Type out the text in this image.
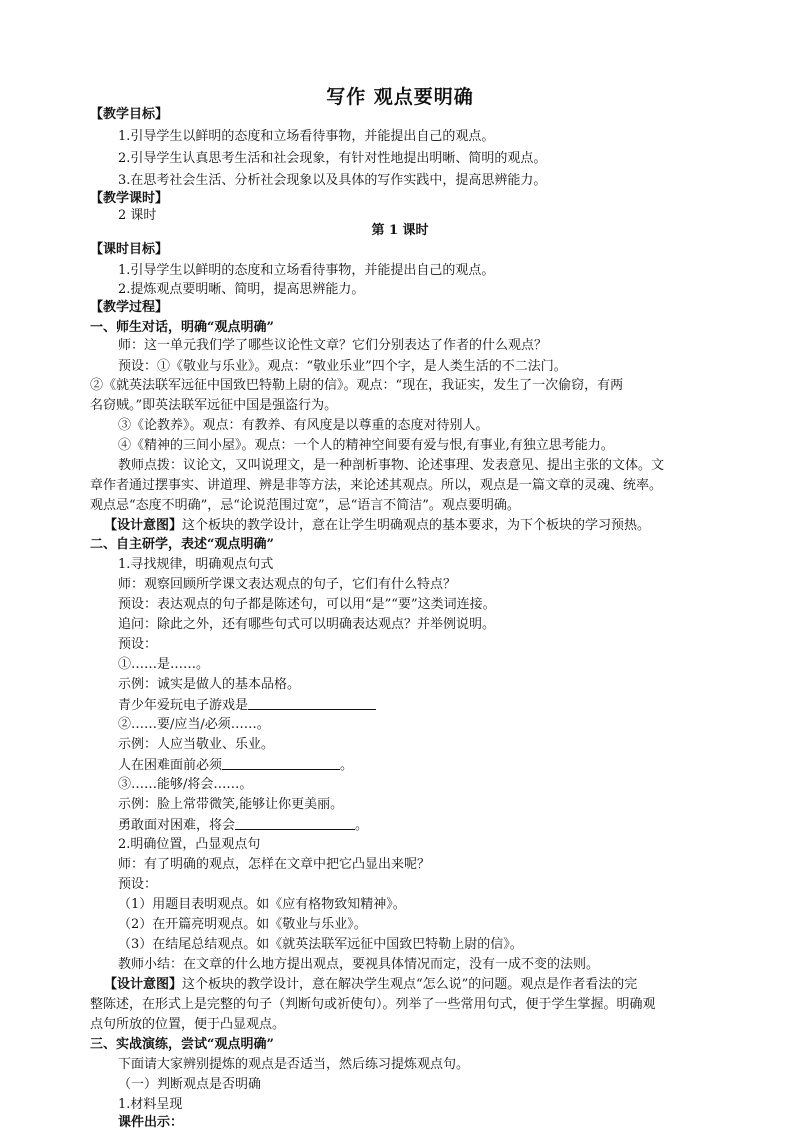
写作 观点要明确
【教学目标】
1.引导学生以鲜明的态度和立场看待事物，并能提出自己的观点。
2.引导学生认真思考生活和社会现象，有针对性地提出明晰、简明的观点。
3.在思考社会生活、分析社会现象以及具体的写作实践中，提高思辨能力。
【教学课时】
2 课时
第 1 课时
【课时目标】
1.引导学生以鲜明的态度和立场看待事物，并能提出自己的观点。
2.提炼观点要明晰、简明，提高思辨能力。
【教学过程】
一、师生对话，明确“观点明确”
师：这一单元我们学了哪些议论性文章？它们分别表达了作者的什么观点？
预设：①《敬业与乐业》。观点：“敬业乐业”四个字，是人类生活的不二法门。
②《就英法联军远征中国致巴特勒上尉的信》。观点：“现在，我证实，发生了一次偷窃，有两
名窃贼。”即英法联军远征中国是强盗行为。
③《论教养》。观点：有教养、有风度是以尊重的态度对待别人。
④《精神的三间小屋》。观点：一个人的精神空间要有爱与恨,有事业,有独立思考能力。
教师点拨：议论文，又叫说理文，是一种剖析事物、论述事理、发表意见、提出主张的文体。文
章作者通过摆事实、讲道理、辨是非等方法，来论述其观点。所以，观点是一篇文章的灵魂、统率。
观点忌“态度不明确”，忌“论说范围过宽”，忌“语言不简洁”。观点要明确。
【设计意图】这个板块的教学设计，意在让学生明确观点的基本要求，为下个板块的学习预热。
二、自主研学，表述“观点明确”
1.寻找规律，明确观点句式
师：观察回顾所学课文表达观点的句子，它们有什么特点？
预设：表达观点的句子都是陈述句，可以用“是”“要”这类词连接。
追问：除此之外，还有哪些句式可以明确表达观点？并举例说明。
预设：
①……是……。
示例：诚实是做人的基本品格。
青少年爱玩电子游戏是
②……要/应当/必须……。
示例：人应当敬业、乐业。
人在困难面前必须	。
③……能够/将会……。
示例：脸上常带微笑,能够让你更美丽。
勇敢面对困难，将会	。
2.明确位置，凸显观点句
师：有了明确的观点，怎样在文章中把它凸显出来呢？
预设：
（1）用题目表明观点。如《应有格物致知精神》。
（2）在开篇亮明观点。如《敬业与乐业》。
（3）在结尾总结观点。如《就英法联军远征中国致巴特勒上尉的信》。
教师小结：在文章的什么地方提出观点，要视具体情况而定，没有一成不变的法则。
【设计意图】这个板块的教学设计，意在解决学生观点“怎么说”的问题。观点是作者看法的完
整陈述，在形式上是完整的句子（判断句或祈使句）。列举了一些常用句式，便于学生掌握。明确观
点句所放的位置，便于凸显观点。
三、实战演练，尝试“观点明确”
下面请大家辨别提炼的观点是否适当，然后练习提炼观点句。
（一）判断观点是否明确
1.材料呈现
课件出示：
